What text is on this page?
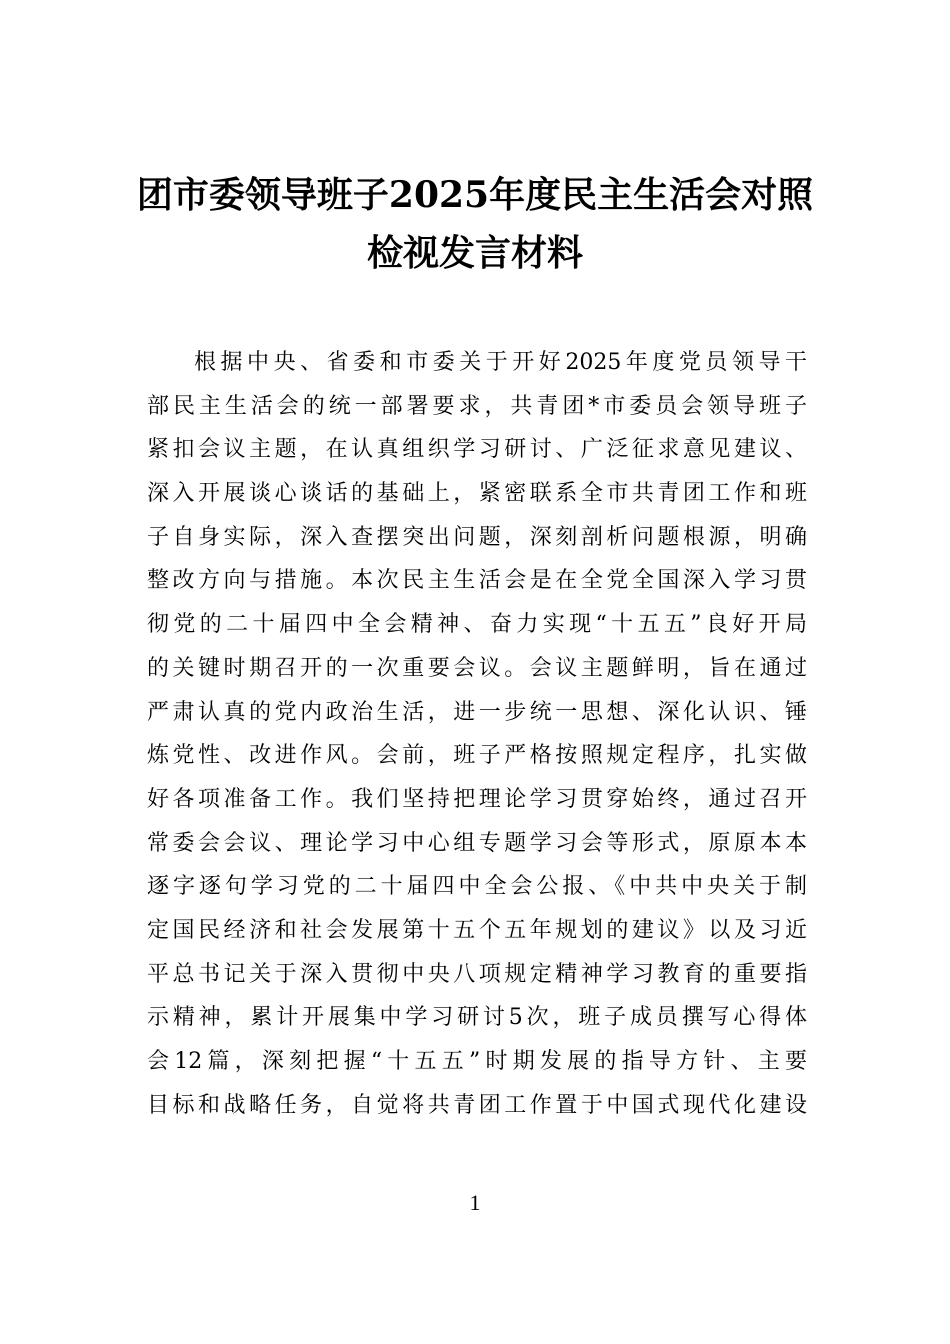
团市委领导班子2025年度民主生活会对照
检视发言材料
根据中央、省委和市委关于开好2025年度党员领导干
部民主生活会的统一部署要求，共青团*市委员会领导班子
紧扣会议主题，在认真组织学习研讨、广泛征求意见建议、
深入开展谈心谈话的基础上，紧密联系全市共青团工作和班
子自身实际，深入查摆突出问题，深刻剖析问题根源，明确
整改方向与措施。本次民主生活会是在全党全国深入学习贯
彻党的二十届四中全会精神、奋力实现“十五五”良好开局
的关键时期召开的一次重要会议。会议主题鲜明，旨在通过
严肃认真的党内政治生活，进一步统一思想、深化认识、锤
炼党性、改进作风。会前，班子严格按照规定程序，扎实做
好各项准备工作。我们坚持把理论学习贯穿始终，通过召开
常委会会议、理论学习中心组专题学习会等形式，原原本本
逐字逐句学习党的二十届四中全会公报、《中共中央关于制
定国民经济和社会发展第十五个五年规划的建议》以及习近
平总书记关于深入贯彻中央八项规定精神学习教育的重要指
示精神，累计开展集中学习研讨5次，班子成员撰写心得体
会12篇，深刻把握“十五五”时期发展的指导方针、主要
目标和战略任务，自觉将共青团工作置于中国式现代化建设
1
